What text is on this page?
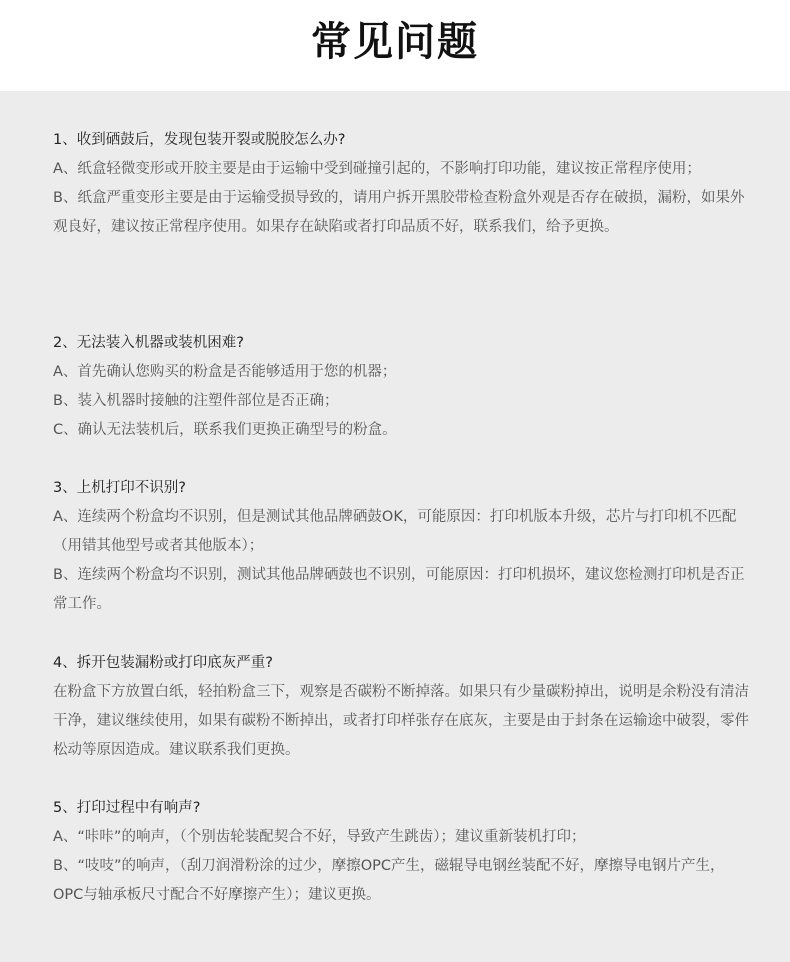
常见问题
1、收到硒鼓后，发现包装开裂或脱胶怎么办?

A、纸盒轻微变形或开胶主要是由于运输中受到碰撞引起的，不影响打印功能，建议按正常程序使用；

B、纸盒严重变形主要是由于运输受损导致的，请用户拆开黑胶带检查粉盒外观是否存在破损，漏粉，如果外观良好，建议按正常程序使用。如果存在缺陷或者打印品质不好，联系我们，给予更换。

2、无法装入机器或装机困难?

A、首先确认您购买的粉盒是否能够适用于您的机器；

B、装入机器时接触的注塑件部位是否正确；

C、确认无法装机后，联系我们更换正确型号的粉盒。

3、上机打印不识别?

A、连续两个粉盒均不识别，但是测试其他品牌硒鼓OK，可能原因：打印机版本升级，芯片与打印机不匹配（用错其他型号或者其他版本）；

B、连续两个粉盒均不识别，测试其他品牌硒鼓也不识别，可能原因：打印机损坏，建议您检测打印机是否正常工作。

4、拆开包装漏粉或打印底灰严重?

在粉盒下方放置白纸，轻拍粉盒三下，观察是否碳粉不断掉落。如果只有少量碳粉掉出，说明是余粉没有清洁干净，建议继续使用，如果有碳粉不断掉出，或者打印样张存在底灰，主要是由于封条在运输途中破裂，零件松动等原因造成。建议联系我们更换。

5、打印过程中有响声?

A、“咔咔”的响声，（个别齿轮装配契合不好，导致产生跳齿）；建议重新装机打印；

B、“吱吱”的响声，（刮刀润滑粉涂的过少，摩擦OPC产生，磁辊导电钢丝装配不好，摩擦导电钢片产生，OPC与轴承板尺寸配合不好摩擦产生）；建议更换。
